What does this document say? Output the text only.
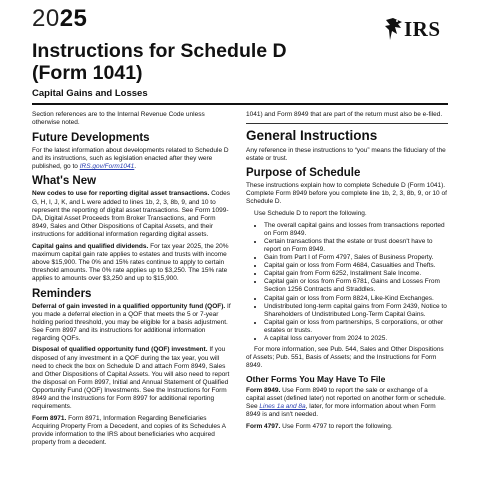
2025	IRS
Instructions for Schedule D
(Form 1041)
Capital Gains and Losses

Section references are to the Internal Revenue Code unless otherwise noted.

Future Developments

For the latest information about developments related to Schedule D and its instructions, such as legislation enacted after they were published, go to IRS.gov/Form1041.

What's New

New codes to use for reporting digital asset transactions. Codes G, H, I, J, K, and L were added to lines 1b, 2, 3, 8b, 9, and 10 to represent the reporting of digital asset transactions. See Form 1099-DA, Digital Asset Proceeds from Broker Transactions, and Form 8949, Sales and Other Dispositions of Capital Assets, and their instructions for additional information regarding digital assets.

Capital gains and qualified dividends. For tax year 2025, the 20% maximum capital gain rate applies to estates and trusts with income above $15,900. The 0% and 15% rates continue to apply to certain threshold amounts. The 0% rate applies up to $3,250. The 15% rate applies to amounts over $3,250 and up to $15,900.

Reminders

Deferral of gain invested in a qualified opportunity fund (QOF). If you made a deferral election in a QOF that meets the 5 or 7-year holding period threshold, you may be eligible for a basis adjustment. See Form 8997 and its instructions for additional information regarding QOFs.

Disposal of qualified opportunity fund (QOF) investment. If you disposed of any investment in a QOF during the tax year, you will need to check the box on Schedule D and attach Form 8949, Sales and Other Dispositions of Capital Assets. You will also need to report the disposal on Form 8997, Initial and Annual Statement of Qualified Opportunity Fund (QOF) Investments. See the Instructions for Form 8949 and the Instructions for Form 8997 for additional reporting requirements.

Form 8971. Form 8971, Information Regarding Beneficiaries Acquiring Property From a Decedent, and copies of its Schedules A provide information to the IRS about beneficiaries who acquired property from a decedent.

1041) and Form 8949 that are part of the return must also be e-filed.

General Instructions

Any reference in these instructions to “you” means the fiduciary of the estate or trust.

Purpose of Schedule

These instructions explain how to complete Schedule D (Form 1041). Complete Form 8949 before you complete line 1b, 2, 3, 8b, 9, or 10 of Schedule D.

Use Schedule D to report the following.

• The overall capital gains and losses from transactions reported on Form 8949.
• Certain transactions that the estate or trust doesn't have to report on Form 8949.
• Gain from Part I of Form 4797, Sales of Business Property.
• Capital gain or loss from Form 4684, Casualties and Thefts.
• Capital gain from Form 6252, Installment Sale Income.
• Capital gain or loss from Form 6781, Gains and Losses From Section 1256 Contracts and Straddles.
• Capital gain or loss from Form 8824, Like-Kind Exchanges.
• Undistributed long-term capital gains from Form 2439, Notice to Shareholders of Undistributed Long-Term Capital Gains.
• Capital gain or loss from partnerships, S corporations, or other estates or trusts.
• A capital loss carryover from 2024 to 2025.

For more information, see Pub. 544, Sales and Other Dispositions of Assets; Pub. 551, Basis of Assets; and the Instructions for Form 8949.

Other Forms You May Have To File

Form 8949. Use Form 8949 to report the sale or exchange of a capital asset (defined later) not reported on another form or schedule. See Lines 1a and 8a, later, for more information about when Form 8949 is and isn't needed.

Form 4797. Use Form 4797 to report the following.
